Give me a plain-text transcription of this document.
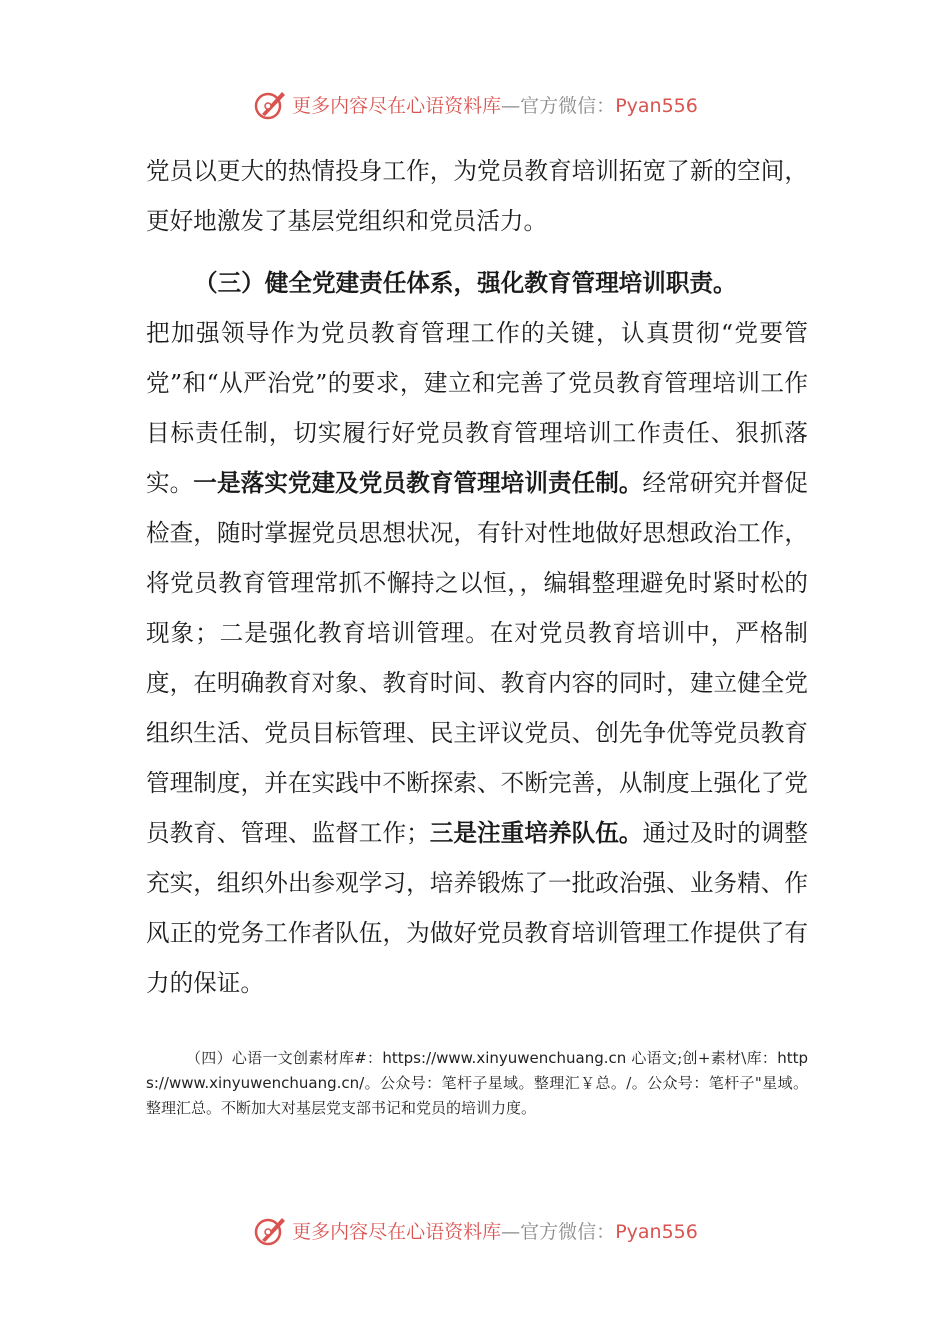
更多内容尽在心语资料库—官方微信：Pyan556

党员以更大的热情投身工作，为党员教育培训拓宽了新的空间，更好地激发了基层党组织和党员活力。

（三）健全党建责任体系，强化教育管理培训职责。

把加强领导作为党员教育管理工作的关键，认真贯彻“党要管党”和“从严治党”的要求，建立和完善了党员教育管理培训工作目标责任制，切实履行好党员教育管理培训工作责任、狠抓落实。一是落实党建及党员教育管理培训责任制。经常研究并督促检查，随时掌握党员思想状况，有针对性地做好思想政治工作，将党员教育管理常抓不懈持之以恒，，编辑整理避免时紧时松的现象；二是强化教育培训管理。在对党员教育培训中，严格制度，在明确教育对象、教育时间、教育内容的同时，建立健全党组织生活、党员目标管理、民主评议党员、创先争优等党员教育管理制度，并在实践中不断探索、不断完善，从制度上强化了党员教育、管理、监督工作；三是注重培养队伍。通过及时的调整充实，组织外出参观学习，培养锻炼了一批政治强、业务精、作风正的党务工作者队伍，为做好党员教育培训管理工作提供了有力的保证。

（四）心语一文创素材库#：https://www.xinyuwenchuang.cn 心语文;创+素材\库：https://www.xinyuwenchuang.cn/。公众号：笔杆子星域。整理汇￥总。/。公众号：笔杆子"星域。整理汇总。不断加大对基层党支部书记和党员的培训力度。
更多内容尽在心语资料库—官方微信：Pyan556
